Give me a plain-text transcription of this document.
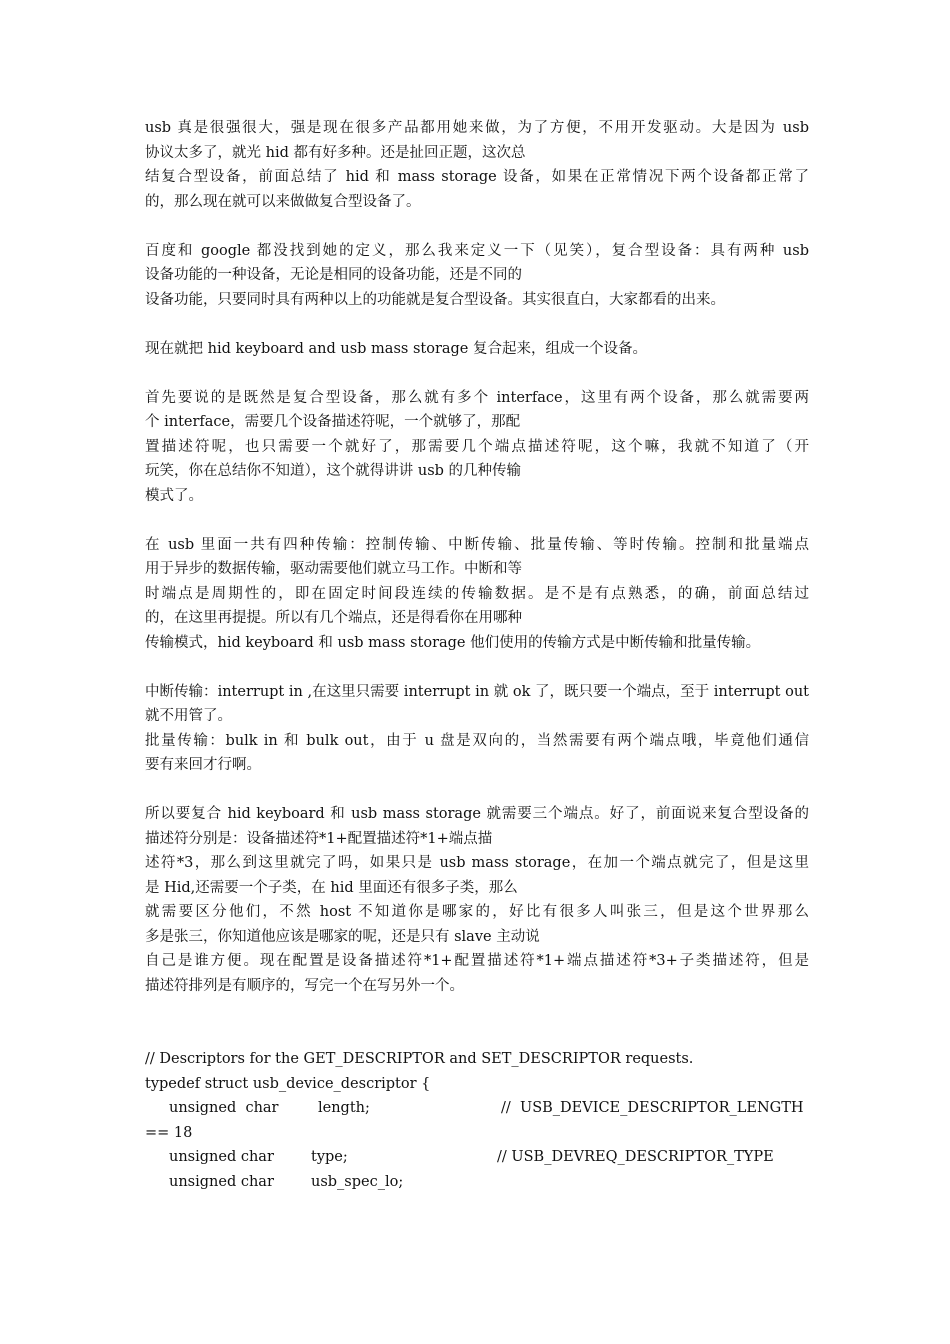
usb 真是很强很大，强是现在很多产品都用她来做，为了方便，不用开发驱动。大是因为 usb
协议太多了，就光 hid 都有好多种。还是扯回正题，这次总
结复合型设备，前面总结了 hid 和 mass storage 设备，如果在正常情况下两个设备都正常了
的，那么现在就可以来做做复合型设备了。

百度和 google 都没找到她的定义，那么我来定义一下（见笑），复合型设备：具有两种 usb
设备功能的一种设备，无论是相同的设备功能，还是不同的
设备功能，只要同时具有两种以上的功能就是复合型设备。其实很直白，大家都看的出来。

现在就把 hid keyboard and usb mass storage 复合起来，组成一个设备。

首先要说的是既然是复合型设备，那么就有多个 interface，这里有两个设备，那么就需要两
个 interface，需要几个设备描述符呢，一个就够了，那配
置描述符呢，也只需要一个就好了，那需要几个端点描述符呢，这个嘛，我就不知道了（开
玩笑，你在总结你不知道），这个就得讲讲 usb 的几种传输
模式了。

在 usb 里面一共有四种传输：控制传输、中断传输、批量传输、等时传输。控制和批量端点
用于异步的数据传输，驱动需要他们就立马工作。中断和等
时端点是周期性的，即在固定时间段连续的传输数据。是不是有点熟悉，的确，前面总结过
的，在这里再提提。所以有几个端点，还是得看你在用哪种
传输模式，hid keyboard 和 usb mass storage 他们使用的传输方式是中断传输和批量传输。

中断传输：interrupt in ,在这里只需要 interrupt in 就 ok 了，既只要一个端点，至于 interrupt out
就不用管了。
批量传输：bulk in 和 bulk out，由于 u 盘是双向的，当然需要有两个端点哦，毕竟他们通信
要有来回才行啊。

所以要复合 hid keyboard 和 usb mass storage 就需要三个端点。好了，前面说来复合型设备的
描述符分别是：设备描述符*1+配置描述符*1+端点描
述符*3，那么到这里就完了吗，如果只是 usb mass storage，在加一个端点就完了，但是这里
是 Hid,还需要一个子类，在 hid 里面还有很多子类，那么
就需要区分他们，不然 host 不知道你是哪家的，好比有很多人叫张三，但是这个世界那么
多是张三，你知道他应该是哪家的呢，还是只有 slave 主动说
自己是谁方便。现在配置是设备描述符*1+配置描述符*1+端点描述符*3+子类描述符，但是
描述符排列是有顺序的，写完一个在写另外一个。

// Descriptors for the GET_DESCRIPTOR and SET_DESCRIPTOR requests.
typedef struct usb_device_descriptor {

unsigned  char

	length;

	//  USB_DEVICE_DESCRIPTOR_LENGTH

== 18

unsigned char

	type;

	// USB_DEVREQ_DESCRIPTOR_TYPE

unsigned char

	usb_spec_lo;
